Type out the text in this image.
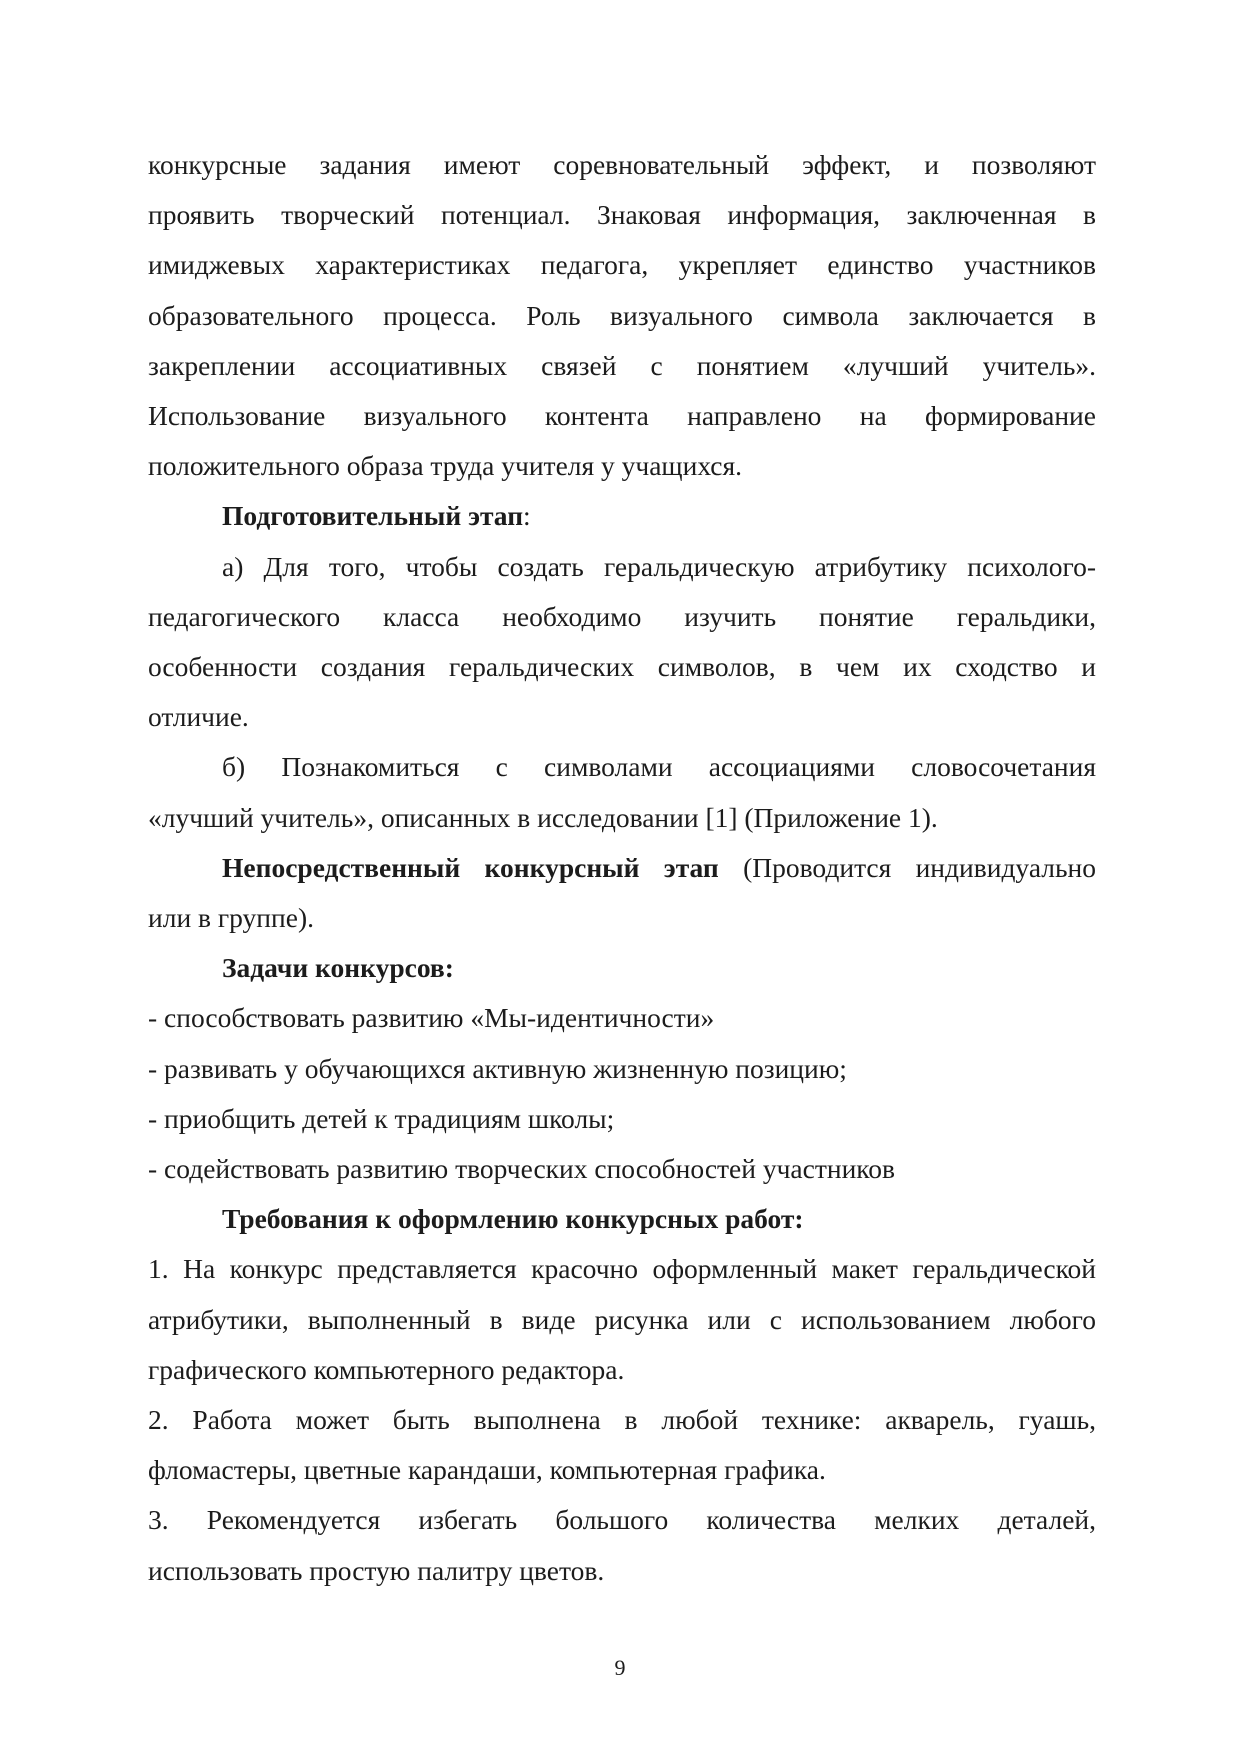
конкурсные задания имеют соревновательный эффект, и позволяют

проявить творческий потенциал. Знаковая информация, заключенная в

имиджевых характеристиках педагога, укрепляет единство участников

образовательного процесса. Роль визуального символа заключается в

закреплении ассоциативных связей с понятием «лучший учитель».

Использование визуального контента направлено на формирование

положительного образа труда учителя у учащихся.

Подготовительный этап:

а) Для того, чтобы создать геральдическую атрибутику психолого-

педагогического класса необходимо изучить понятие геральдики,

особенности создания геральдических символов, в чем их сходство и

отличие.

б) Познакомиться с символами ассоциациями словосочетания

«лучший учитель», описанных в исследовании [1] (Приложение 1).

Непосредственный конкурсный этап (Проводится индивидуально

или в группе).

Задачи конкурсов:

- способствовать развитию «Мы-идентичности»

- развивать у обучающихся активную жизненную позицию;

- приобщить детей к традициям школы;

- содействовать развитию творческих способностей участников

Требования к оформлению конкурсных работ:

1. На конкурс представляется красочно оформленный макет геральдической

атрибутики, выполненный в виде рисунка или с использованием любого

графического компьютерного редактора.

2. Работа может быть выполнена в любой технике: акварель, гуашь,

фломастеры, цветные карандаши, компьютерная графика.

3. Рекомендуется избегать большого количества мелких деталей,

использовать простую палитру цветов.

9
